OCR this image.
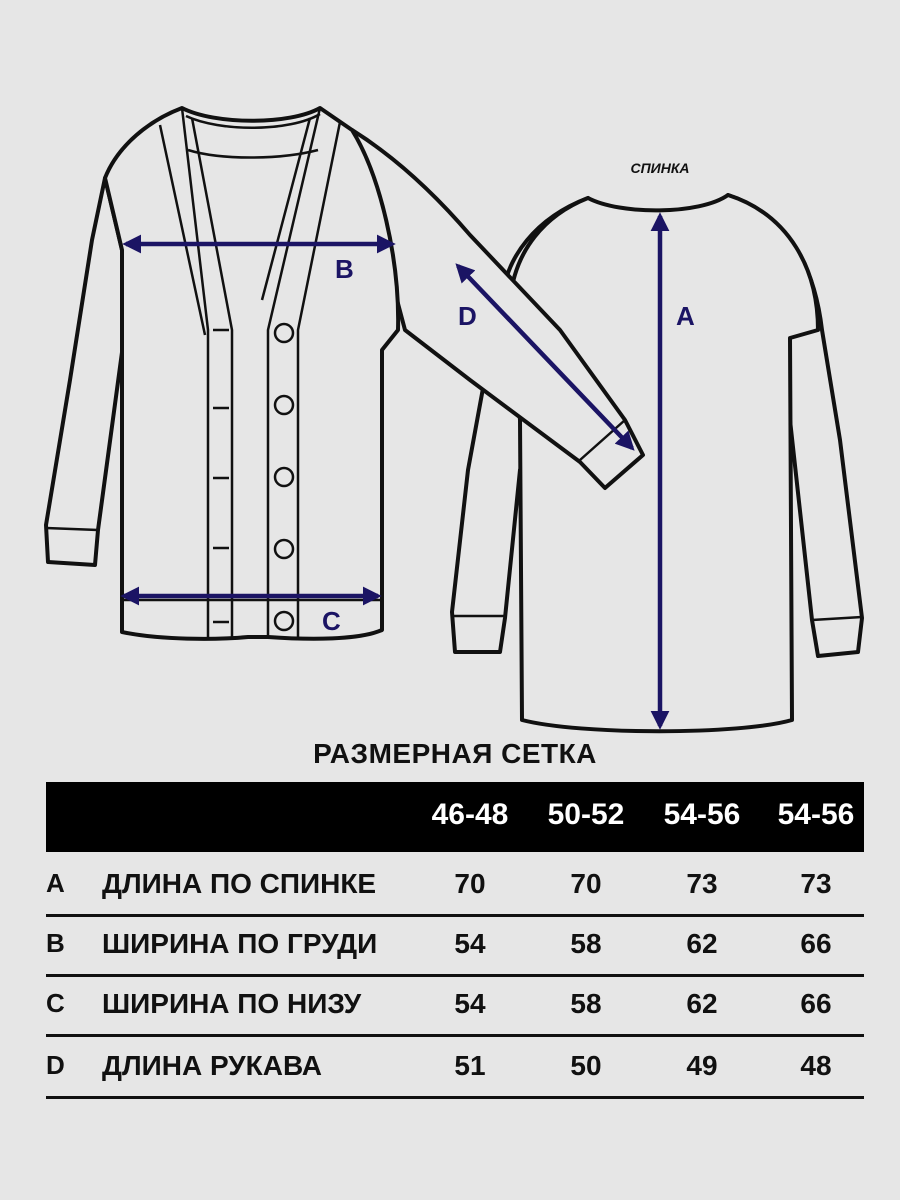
СПИНКА
B
C
A
D
РАЗМЕРНАЯ СЕТКА
46-48	50-52	54-56	54-56
A ДЛИНА ПО СПИНКЕ	70	70	73	73
B ШИРИНА ПО ГРУДИ	54	58	62	66
C ШИРИНА ПО НИЗУ	54	58	62	66
D ДЛИНА РУКАВА	51	50	49	48
